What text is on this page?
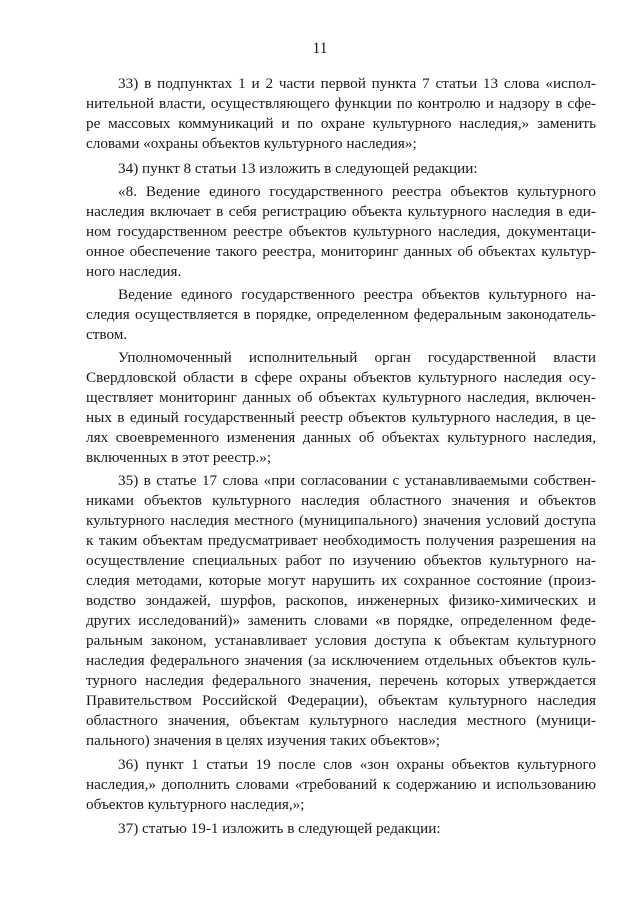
11
33) в подпунктах 1 и 2 части первой пункта 7 статьи 13 слова «испол-
нительной власти, осуществляющего функции по контролю и надзору в сфе-
ре массовых коммуникаций и по охране культурного наследия,» заменить
словами «охраны объектов культурного наследия»;
34) пункт 8 статьи 13 изложить в следующей редакции:
«8. Ведение единого государственного реестра объектов культурного
наследия включает в себя регистрацию объекта культурного наследия в еди-
ном государственном реестре объектов культурного наследия, документаци-
онное обеспечение такого реестра, мониторинг данных об объектах культур-
ного наследия.
Ведение единого государственного реестра объектов культурного на-
следия осуществляется в порядке, определенном федеральным законодатель-
ством.
Уполномоченный исполнительный орган государственной власти
Свердловской области в сфере охраны объектов культурного наследия осу-
ществляет мониторинг данных об объектах культурного наследия, включен-
ных в единый государственный реестр объектов культурного наследия, в це-
лях своевременного изменения данных об объектах культурного наследия,
включенных в этот реестр.»;
35) в статье 17 слова «при согласовании с устанавливаемыми собствен-
никами объектов культурного наследия областного значения и объектов
культурного наследия местного (муниципального) значения условий доступа
к таким объектам предусматривает необходимость получения разрешения на
осуществление специальных работ по изучению объектов культурного на-
следия методами, которые могут нарушить их сохранное состояние (произ-
водство зондажей, шурфов, раскопов, инженерных физико-химических и
других исследований)» заменить словами «в порядке, определенном феде-
ральным законом, устанавливает условия доступа к объектам культурного
наследия федерального значения (за исключением отдельных объектов куль-
турного наследия федерального значения, перечень которых утверждается
Правительством Российской Федерации), объектам культурного наследия
областного значения, объектам культурного наследия местного (муници-
пального) значения в целях изучения таких объектов»;
36) пункт 1 статьи 19 после слов «зон охраны объектов культурного
наследия,» дополнить словами «требований к содержанию и использованию
объектов культурного наследия,»;
37) статью 19-1 изложить в следующей редакции:
